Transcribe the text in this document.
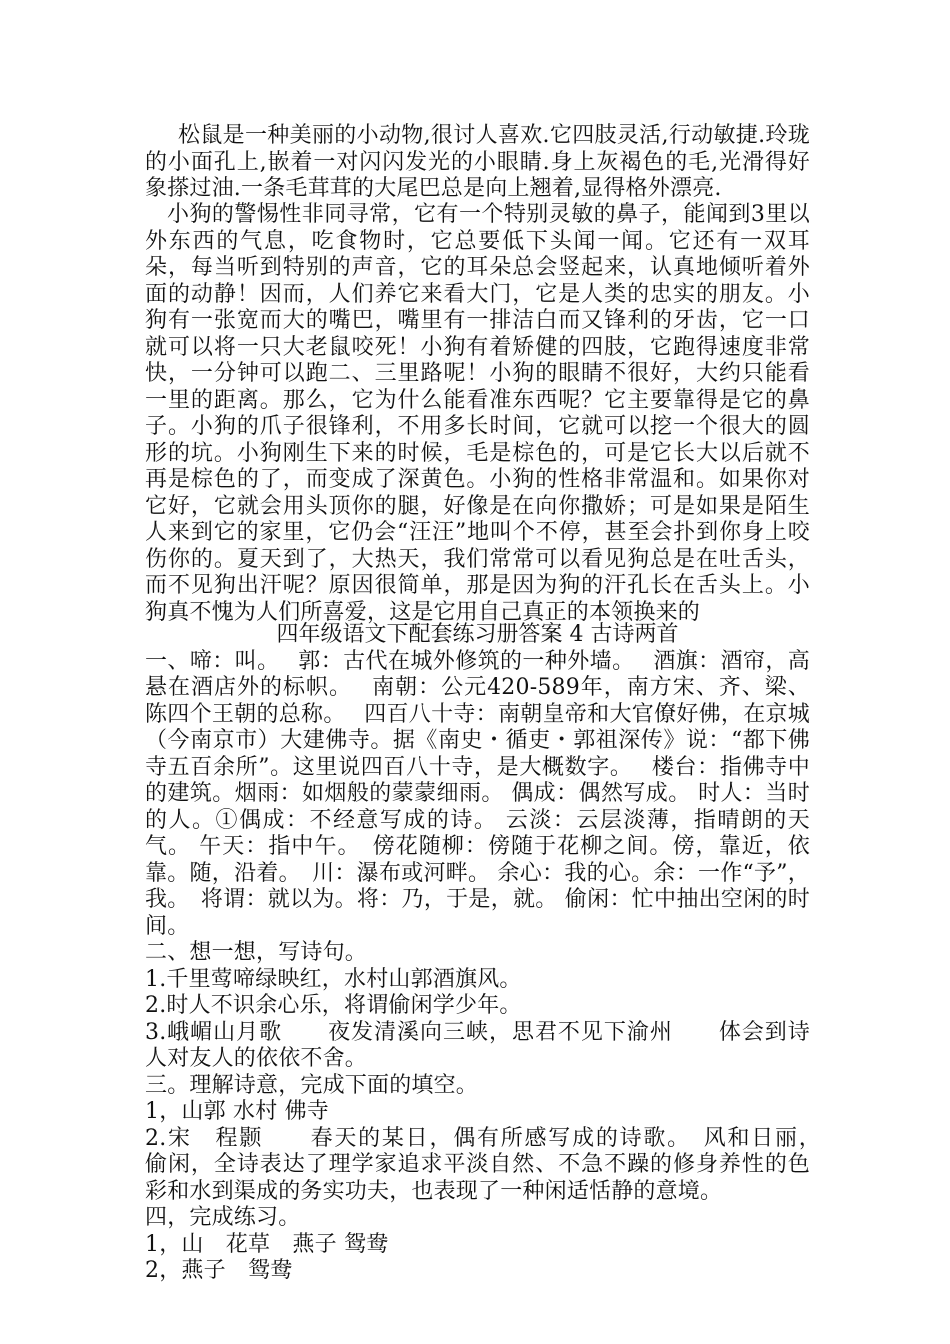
松鼠是一种美丽的小动物,很讨人喜欢.它四肢灵活,行动敏捷.玲珑 的小面孔上,嵌着一对闪闪发光的小眼睛.身上灰褐色的毛,光滑得好象搽过油.一条毛茸茸的大尾巴总是向上翘着,显得格外漂亮.

小狗的警惕性非同寻常，它有一个特别灵敏的鼻子，能闻到3里以外东西的气息，吃食物时，它总要低下头闻一闻。它还有一双耳朵，每当听到特别的声音，它的耳朵总会竖起来，认真地倾听着外面的动静！因而，人们养它来看大门，它是人类的忠实的朋友。小狗有一张宽而大的嘴巴，嘴里有一排洁白而又锋利的牙齿，它一口就可以将一只大老鼠咬死！小狗有着矫健的四肢，它跑得速度非常快，一分钟可以跑二、三里路呢！小狗的眼睛不很好，大约只能看一里的距离。那么，它为什么能看准东西呢？它主要靠得是它的鼻子。小狗的爪子很锋利，不用多长时间，它就可以挖一个很大的圆形的坑。小狗刚生下来的时候，毛是棕色的，可是它长大以后就不再是棕色的了，而变成了深黄色。小狗的性格非常温和。如果你对它好，它就会用头顶你的腿，好像是在向你撒娇；可是如果是陌生人来到它的家里，它仍会“汪汪”地叫个不停，甚至会扑到你身上咬伤你的。夏天到了，大热天，我们常常可以看见狗总是在吐舌头，而不见狗出汗呢？原因很简单，那是因为狗的汗孔长在舌头上。小狗真不愧为人们所喜爱，这是它用自己真正的本领换来的

四年级语文下配套练习册答案 4 古诗两首

一、啼：叫。　 郭：古代在城外修筑的一种外墙。　 酒旗：酒帘，高悬在酒店外的标帜。　 南朝：公元420-589年，南方宋、齐、梁、陈四个王朝的总称。　 四百八十寺：南朝皇帝和大官僚好佛，在京城（今南京市）大建佛寺。据《南史・循吏・郭祖深传》说：“都下佛寺五百余所”。这里说四百八十寺，是大概数字。　 楼台：指佛寺中的建筑。烟雨：如烟般的蒙蒙细雨。 偶成：偶然写成。 时人：当时的人。①偶成：不经意写成的诗。 云淡：云层淡薄，指晴朗的天气。 午天：指中午。　傍花随柳：傍随于花柳之间。傍，靠近，依靠。随，沿着。　川：瀑布或河畔。 余心：我的心。余：一作“予”，我。　将谓：就以为。将：乃，于是，就。 偷闲：忙中抽出空闲的时间。

二、想一想，写诗句。

1.千里莺啼绿映红，水村山郭酒旗风。

2.时人不识余心乐，将谓偷闲学少年。

3.峨嵋山月歌　　夜发清溪向三峡，思君不见下渝州　　体会到诗人对友人的依依不舍。

三。理解诗意，完成下面的填空。

1，山郭 水村 佛寺

2.宋　程颢　　春天的某日，偶有所感写成的诗歌。　风和日丽，　偷闲，全诗表达了理学家追求平淡自然、不急不躁的修身养性的色彩和水到渠成的务实功夫，也表现了一种闲适恬静的意境。

四，完成练习。

1，山　花草　燕子 鸳鸯

2，燕子　鸳鸯
